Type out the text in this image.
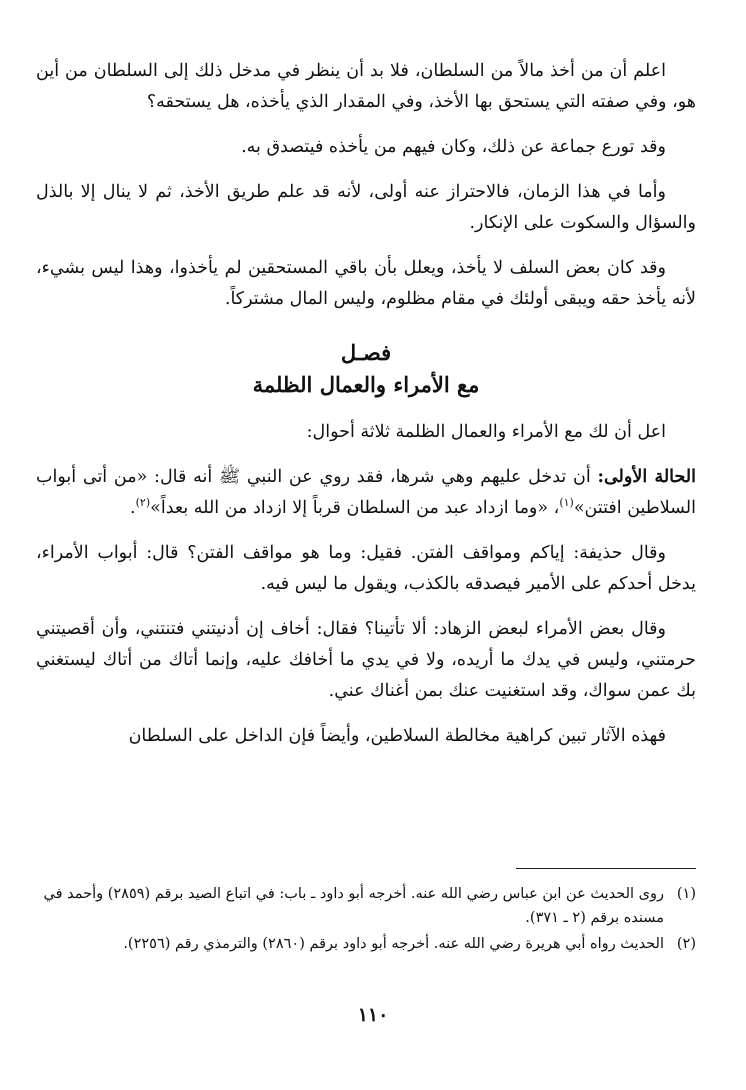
اعلم أن من أخذ مالاً من السلطان، فلا بد أن ينظر في مدخل ذلك إلى السلطان من أين هو، وفي صفته التي يستحق بها الأخذ، وفي المقدار الذي يأخذه، هل يستحقه؟

وقد تورع جماعة عن ذلك، وكان فيهم من يأخذه فيتصدق به.

وأما في هذا الزمان، فالاحتراز عنه أولى، لأنه قد علم طريق الأخذ، ثم لا ينال إلا بالذل والسؤال والسكوت على الإنكار.

وقد كان بعض السلف لا يأخذ، ويعلل بأن باقي المستحقين لم يأخذوا، وهذا ليس بشيء، لأنه يأخذ حقه ويبقى أولئك في مقام مظلوم، وليس المال مشتركاً.

فصـل
مع الأمراء والعمال الظلمة

اعل أن لك مع الأمراء والعمال الظلمة ثلاثة أحوال:

الحالة الأولى: أن تدخل عليهم وهي شرها، فقد روي عن النبي ﷺ أنه قال: «من أتى أبواب السلاطين افتتن»$^{(١)}$، «وما ازداد عبد من السلطان قرباً إلا ازداد من الله بعداً»$^{(٢)}$.

وقال حذيفة: إياكم ومواقف الفتن. فقيل: وما هو مواقف الفتن؟ قال: أبواب الأمراء، يدخل أحدكم على الأمير فيصدقه بالكذب، ويقول ما ليس فيه.

وقال بعض الأمراء لبعض الزهاد: ألا تأتينا؟ فقال: أخاف إن أدنيتني فتنتني، وأن أقصيتني حرمتني، وليس في يدك ما أريده، ولا في يدي ما أخافك عليه، وإنما أتاك من أتاك ليستغني بك عمن سواك، وقد استغنيت عنك بمن أغناك عني.

فهذه الآثار تبين كراهية مخالطة السلاطين، وأيضاً فإن الداخل على السلطان

(١)روى الحديث عن ابن عباس رضي الله عنه. أخرجه أبو داود ـ باب: في اتباع الصيد برقم (٢٨٥٩) وأحمد في مسنده برقم (٢ ـ ٣٧١).

(٢)الحديث رواه أبي هريرة رضي الله عنه. أخرجه أبو داود برقم (٢٨٦٠) والترمذي رقم (٢٢٥٦).

١١٠
